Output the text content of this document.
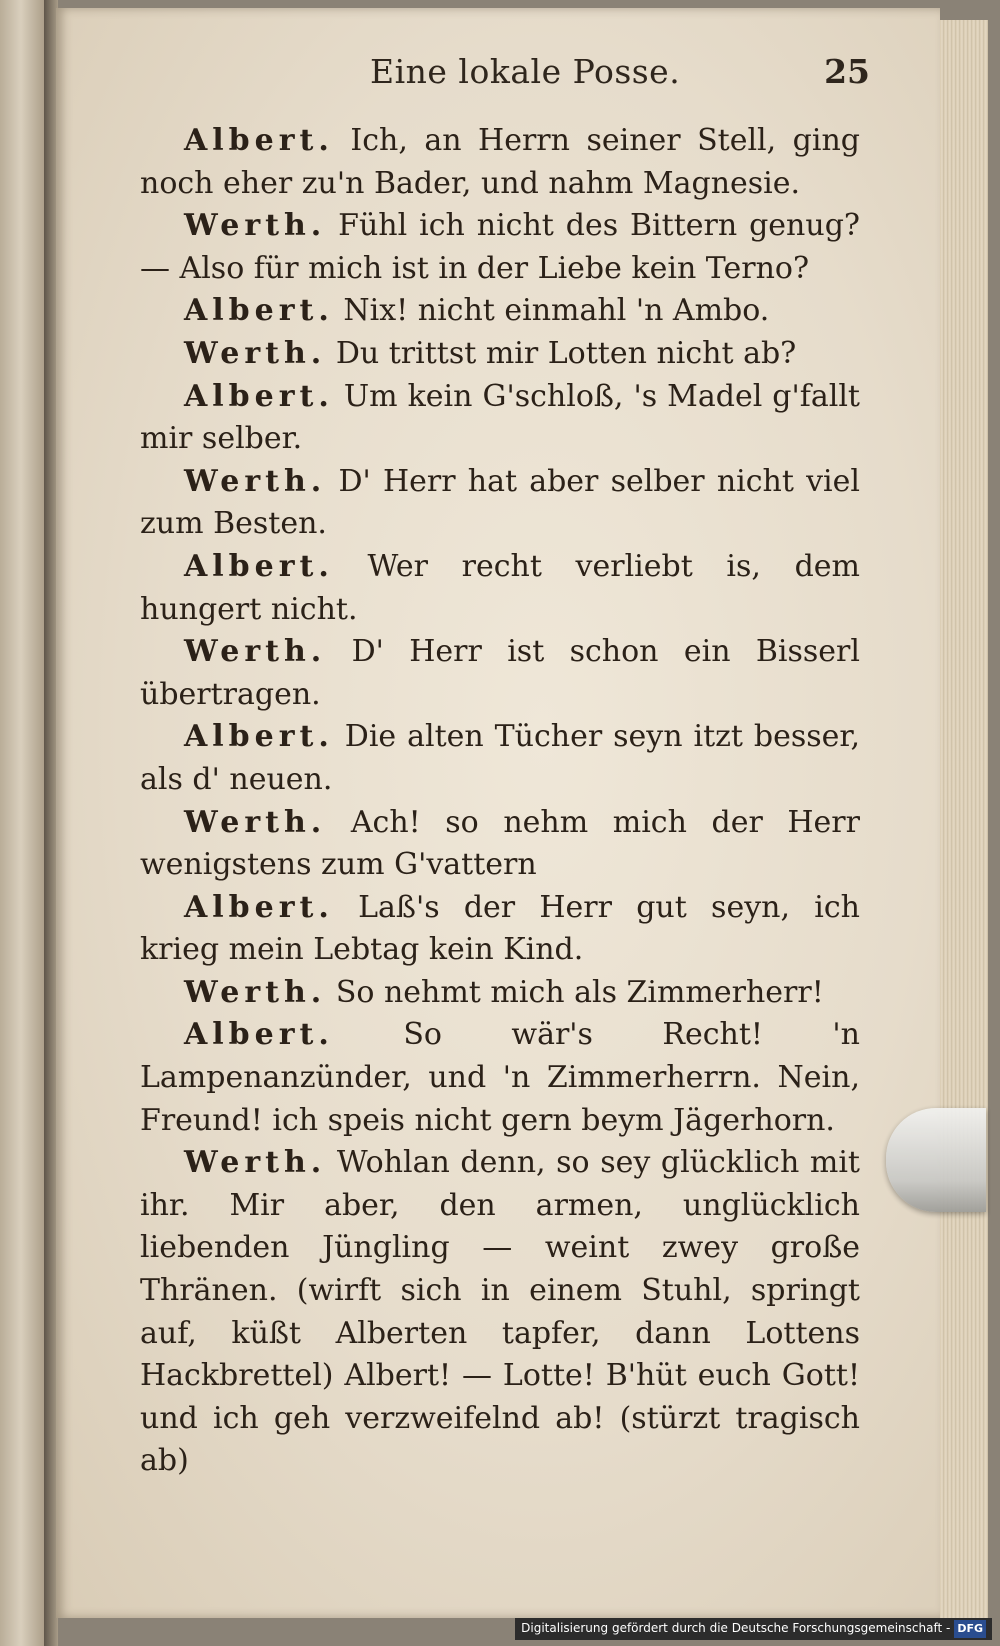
Eine lokale Posse.	25

Albert. Ich, an Herrn seiner Stell, ging noch eher zu'n Bader, und nahm Magnesie.

Werth. Fühl ich nicht des Bittern genug? — Also für mich ist in der Liebe kein Terno?

Albert. Nix! nicht einmahl 'n Ambo.

Werth. Du trittst mir Lotten nicht ab?

Albert. Um kein G'schloß, 's Madel g'fallt mir selber.

Werth. D' Herr hat aber selber nicht viel zum Besten.

Albert. Wer recht verliebt is, dem hungert nicht.

Werth. D' Herr ist schon ein Bisserl übertragen.

Albert. Die alten Tücher seyn itzt besser, als d' neuen.

Werth. Ach! so nehm mich der Herr wenigstens zum G'vattern

Albert. Laß's der Herr gut seyn, ich krieg mein Lebtag kein Kind.

Werth. So nehmt mich als Zimmerherr!

Albert. So wär's Recht! 'n Lampenanzünder, und 'n Zimmerherrn. Nein, Freund! ich speis nicht gern beym Jägerhorn.

Werth. Wohlan denn, so sey glücklich mit ihr. Mir aber, den armen, unglücklich liebenden Jüngling — weint zwey große Thränen. (wirft sich in einem Stuhl, springt auf, küßt Alberten tapfer, dann Lottens Hackbrettel) Albert! — Lotte! B'hüt euch Gott! und ich geh verzweifelnd ab! (stürzt tragisch ab)

Digitalisierung gefördert durch die Deutsche Forschungsgemeinschaft - DFG
